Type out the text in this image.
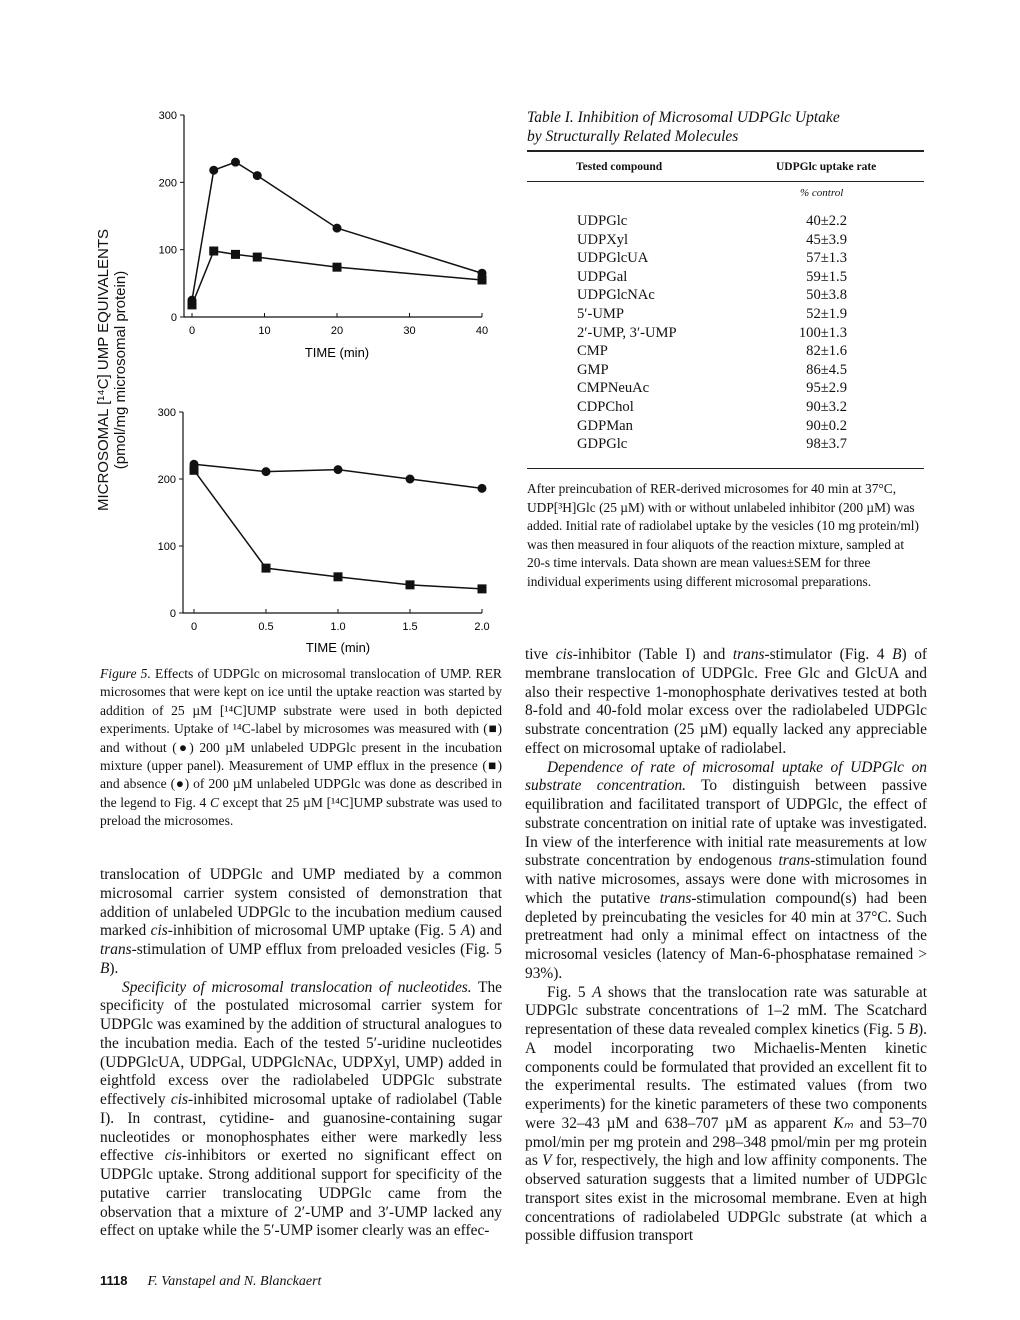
0
100
200
300
0	10	20	30	40
TIME (min)
0
100
200
300
0	0.5	1.0	1.5	2.0
TIME (min)
MICROSOMAL [¹⁴C] UMP EQUIVALENTS (pmol/mg microsomal protein)
Figure 5. Effects of UDPGlc on microsomal translocation of UMP. RER microsomes that were kept on ice until the uptake reaction was started by addition of 25 µM [¹⁴C]UMP substrate were used in both depicted experiments. Uptake of ¹⁴C-label by microsomes was measured with (■) and without (●) 200 µM unlabeled UDPGlc present in the incubation mixture (upper panel). Measurement of UMP efflux in the presence (■) and absence (●) of 200 µM unlabeled UDPGlc was done as described in the legend to Fig. 4 C except that 25 µM [¹⁴C]UMP substrate was used to preload the microsomes.
Table I. Inhibition of Microsomal UDPGlc Uptake
by Structurally Related Molecules
Tested compound	UDPGlc uptake rate
% control
UDPGlc	40±2.2
UDPXyl	45±3.9
UDPGlcUA	57±1.3
UDPGal	59±1.5
UDPGlcNAc	50±3.8
5′-UMP	52±1.9
2′-UMP, 3′-UMP	100±1.3
CMP	82±1.6
GMP	86±4.5
CMPNeuAc	95±2.9
CDPChol	90±3.2
GDPMan	90±0.2
GDPGlc	98±3.7
After preincubation of RER-derived microsomes for 40 min at 37°C, UDP[³H]Glc (25 µM) with or without unlabeled inhibitor (200 µM) was added. Initial rate of radiolabel uptake by the vesicles (10 mg protein/ml) was then measured in four aliquots of the reaction mixture, sampled at 20-s time intervals. Data shown are mean values±SEM for three individual experiments using different microsomal preparations.

translocation of UDPGlc and UMP mediated by a common microsomal carrier system consisted of demonstration that addition of unlabeled UDPGlc to the incubation medium caused marked cis-inhibition of microsomal UMP uptake (Fig. 5 A) and trans-stimulation of UMP efflux from preloaded vesicles (Fig. 5 B).

Specificity of microsomal translocation of nucleotides. The specificity of the postulated microsomal carrier system for UDPGlc was examined by the addition of structural analogues to the incubation media. Each of the tested 5′-uridine nucleotides (UDPGlcUA, UDPGal, UDPGlcNAc, UDPXyl, UMP) added in eightfold excess over the radiolabeled UDPGlc substrate effectively cis-inhibited microsomal uptake of radiolabel (Table I). In contrast, cytidine- and guanosine-containing sugar nucleotides or monophosphates either were markedly less effective cis-inhibitors or exerted no significant effect on UDPGlc uptake. Strong additional support for specificity of the putative carrier translocating UDPGlc came from the observation that a mixture of 2′-UMP and 3′-UMP lacked any effect on uptake while the 5′-UMP isomer clearly was an effec-

tive cis-inhibitor (Table I) and trans-stimulator (Fig. 4 B) of membrane translocation of UDPGlc. Free Glc and GlcUA and also their respective 1-monophosphate derivatives tested at both 8-fold and 40-fold molar excess over the radiolabeled UDPGlc substrate concentration (25 µM) equally lacked any appreciable effect on microsomal uptake of radiolabel.

Dependence of rate of microsomal uptake of UDPGlc on substrate concentration. To distinguish between passive equilibration and facilitated transport of UDPGlc, the effect of substrate concentration on initial rate of uptake was investigated. In view of the interference with initial rate measurements at low substrate concentration by endogenous trans-stimulation found with native microsomes, assays were done with microsomes in which the putative trans-stimulation compound(s) had been depleted by preincubating the vesicles for 40 min at 37°C. Such pretreatment had only a minimal effect on intactness of the microsomal vesicles (latency of Man-6-phosphatase remained > 93%).

Fig. 5 A shows that the translocation rate was saturable at UDPGlc substrate concentrations of 1–2 mM. The Scatchard representation of these data revealed complex kinetics (Fig. 5 B). A model incorporating two Michaelis-Menten kinetic components could be formulated that provided an excellent fit to the experimental results. The estimated values (from two experiments) for the kinetic parameters of these two components were 32–43 µM and 638–707 µM as apparent Kₘ and 53–70 pmol/min per mg protein and 298–348 pmol/min per mg protein as V for, respectively, the high and low affinity components. The observed saturation suggests that a limited number of UDPGlc transport sites exist in the microsomal membrane. Even at high concentrations of radiolabeled UDPGlc substrate (at which a possible diffusion transport

1118 F. Vanstapel and N. Blanckaert
